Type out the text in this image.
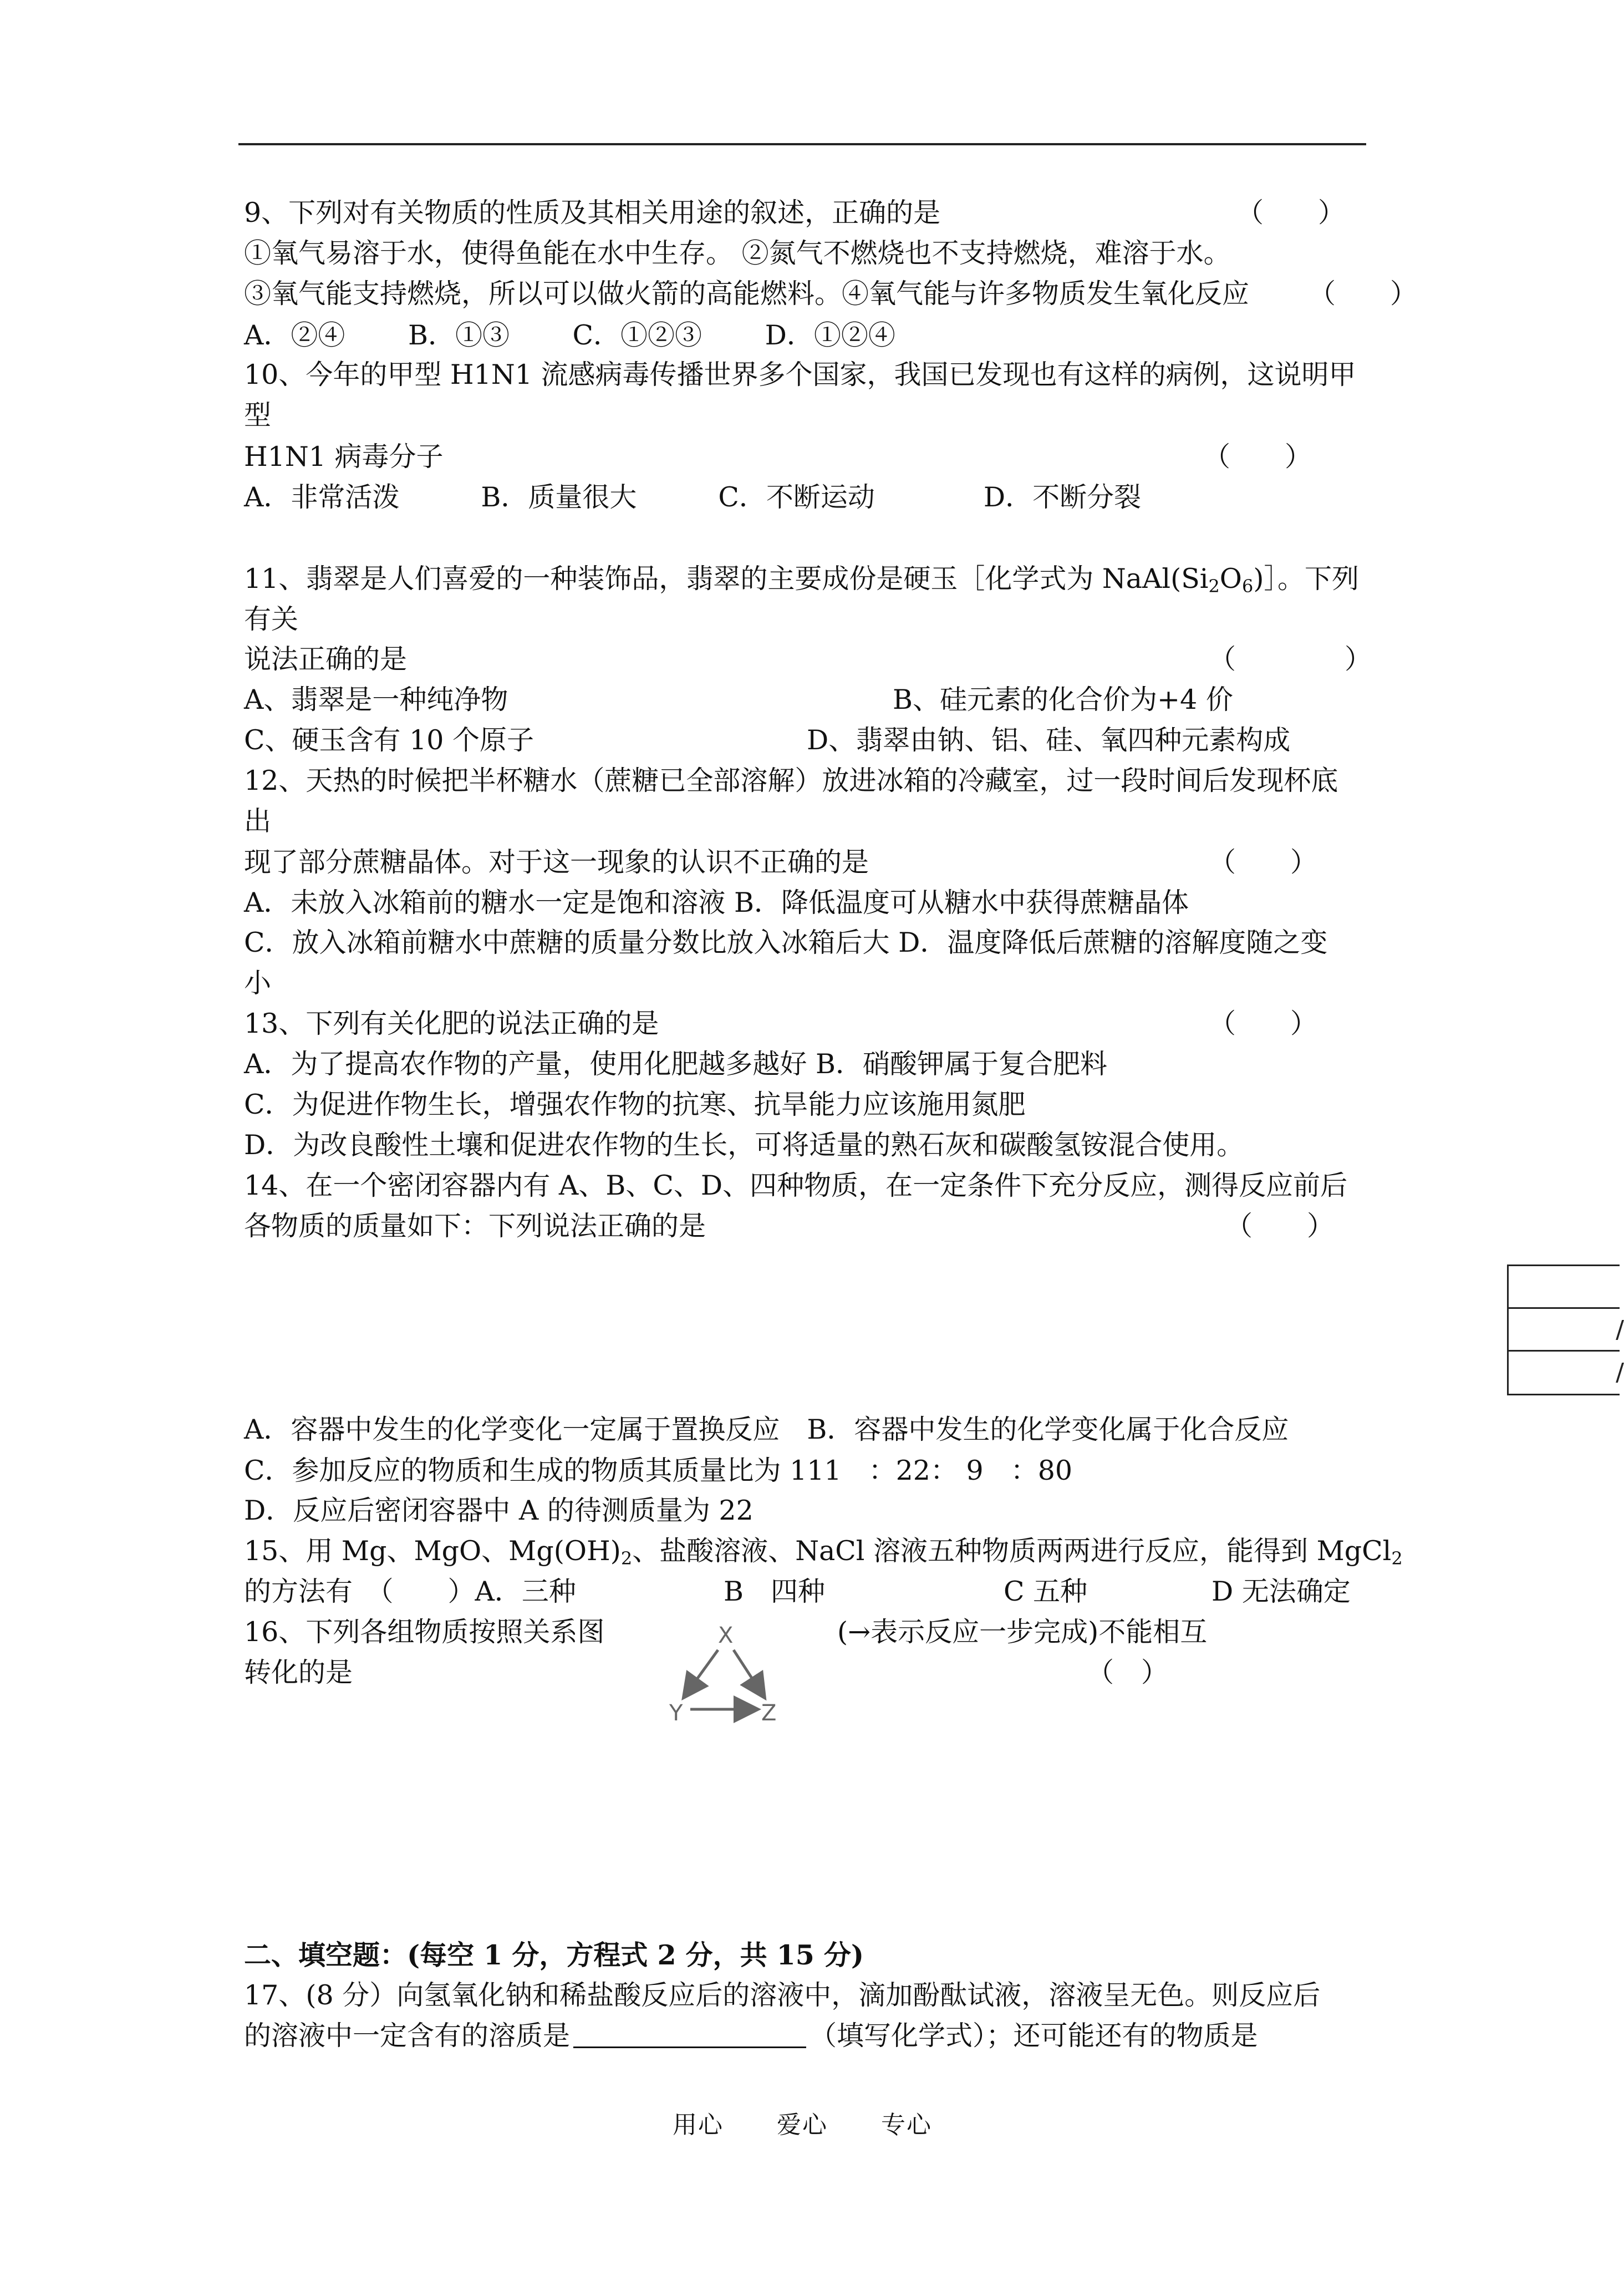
9、下列对有关物质的性质及其相关用途的叙述，正确的是	（　　）
①氧气易溶于水，使得鱼能在水中生存。 ②氮气不燃烧也不支持燃烧，难溶于水。
③氧气能支持燃烧，所以可以做火箭的高能燃料。④氧气能与许多物质发生氧化反应 （　　）
A．②④　　 B．①③　　 C．①②③　　 D．①②④
10、今年的甲型 H1N1 流感病毒传播世界多个国家，我国已发现也有这样的病例，这说明甲
型
H1N1 病毒分子	（　　）
A．非常活泼　　　B．质量很大　　　C．不断运动　　　　D．不断分裂
11、翡翠是人们喜爱的一种装饰品，翡翠的主要成份是硬玉［化学式为 $NaAl(Si_2O_6)]$。下列
有关
说法正确的是	（　　　　）
A、翡翠是一种纯净物	B、硅元素的化合价为+4 价
C、硬玉含有 10 个原子	D、翡翠由钠、铝、硅、氧四种元素构成
12、天热的时候把半杯糖水（蔗糖已全部溶解）放进冰箱的冷藏室，过一段时间后发现杯底
出
现了部分蔗糖晶体。对于这一现象的认识不正确的是	（　　）
A．未放入冰箱前的糖水一定是饱和溶液 B．降低温度可从糖水中获得蔗糖晶体
C．放入冰箱前糖水中蔗糖的质量分数比放入冰箱后大 D．温度降低后蔗糖的溶解度随之变
小
13、下列有关化肥的说法正确的是	（　　）
A．为了提高农作物的产量，使用化肥越多越好 B．硝酸钾属于复合肥料
C．为促进作物生长，增强农作物的抗寒、抗旱能力应该施用氮肥
D．为改良酸性土壤和促进农作物的生长，可将适量的熟石灰和碳酸氢铵混合使用。
14、在一个密闭容器内有 A、B、C、D、四种物质，在一定条件下充分反应，测得反应前后
各物质的质量如下：下列说法正确的是	（　　）
/
/
A．容器中发生的化学变化一定属于置换反应　B．容器中发生的化学变化属于化合反应
C．参加反应的物质和生成的物质其质量比为 111　：22： 9　：80
D．反应后密闭容器中 A 的待测质量为 22
15、用 Mg、MgO、$Mg(OH)_2$、盐酸溶液、NaCl 溶液五种物质两两进行反应，能得到 MgCl$_2$
的方法有　（　　）A．三种	B　四种	C 五种	D 无法确定
16、下列各组物质按照关系图	(→表示反应一步完成)不能相互
转化的是	（　）
X
Y	Z
二、填空题：(每空 1 分，方程式 2 分，共 15 分)
17、(8 分）向氢氧化钠和稀盐酸反应后的溶液中，滴加酚酞试液，溶液呈无色。则反应后
的溶液中一定含有的溶质是	（填写化学式）；还可能还有的物质是
用心 爱心 专心
